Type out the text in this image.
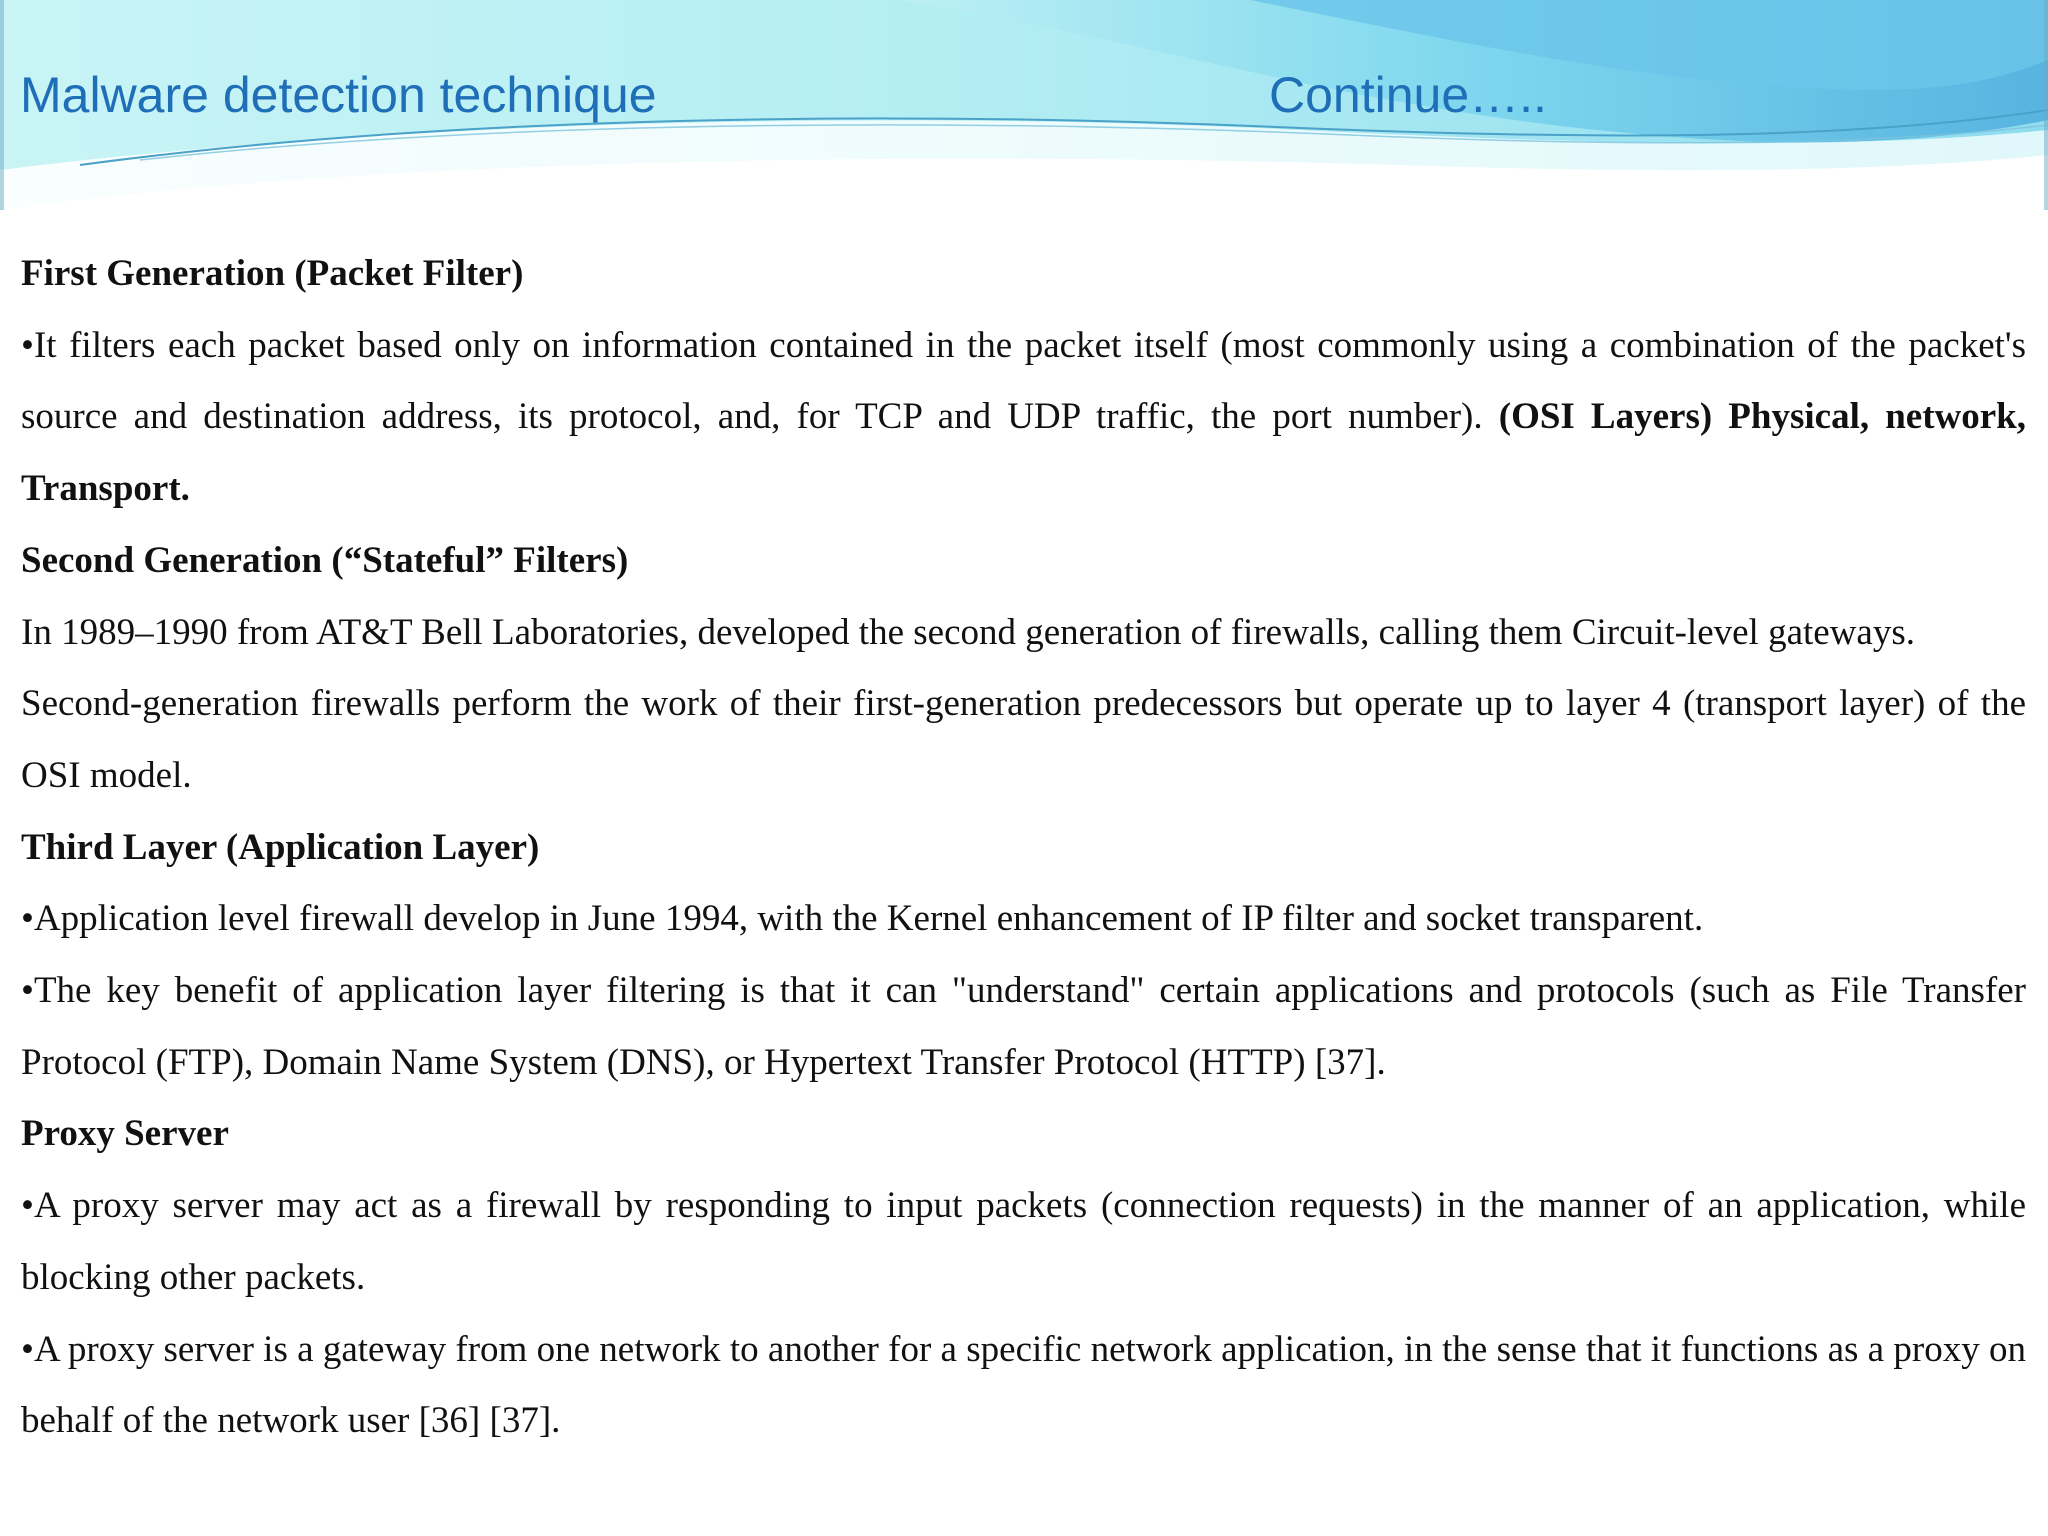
Malware detection technique	Continue…..

First Generation (Packet Filter)

•It filters each packet based only on information contained in the packet itself (most commonly using a combination of the packet's source and destination address, its protocol, and, for TCP and UDP traffic, the port number). (OSI Layers) Physical, network, Transport.

Second Generation (“Stateful” Filters)

In 1989–1990 from AT&T Bell Laboratories, developed the second generation of firewalls, calling them Circuit-level gateways.

Second-generation firewalls perform the work of their first-generation predecessors but operate up to layer 4 (transport layer) of the OSI model.

Third Layer (Application Layer)

•Application level firewall develop in June 1994, with the Kernel enhancement of IP filter and socket transparent.

•The key benefit of application layer filtering is that it can "understand" certain applications and protocols (such as File Transfer Protocol (FTP), Domain Name System (DNS), or Hypertext Transfer Protocol (HTTP) [37].

Proxy Server

•A proxy server may act as a firewall by responding to input packets (connection requests) in the manner of an application, while blocking other packets.

•A proxy server is a gateway from one network to another for a specific network application, in the sense that it functions as a proxy on behalf of the network user [36] [37].
